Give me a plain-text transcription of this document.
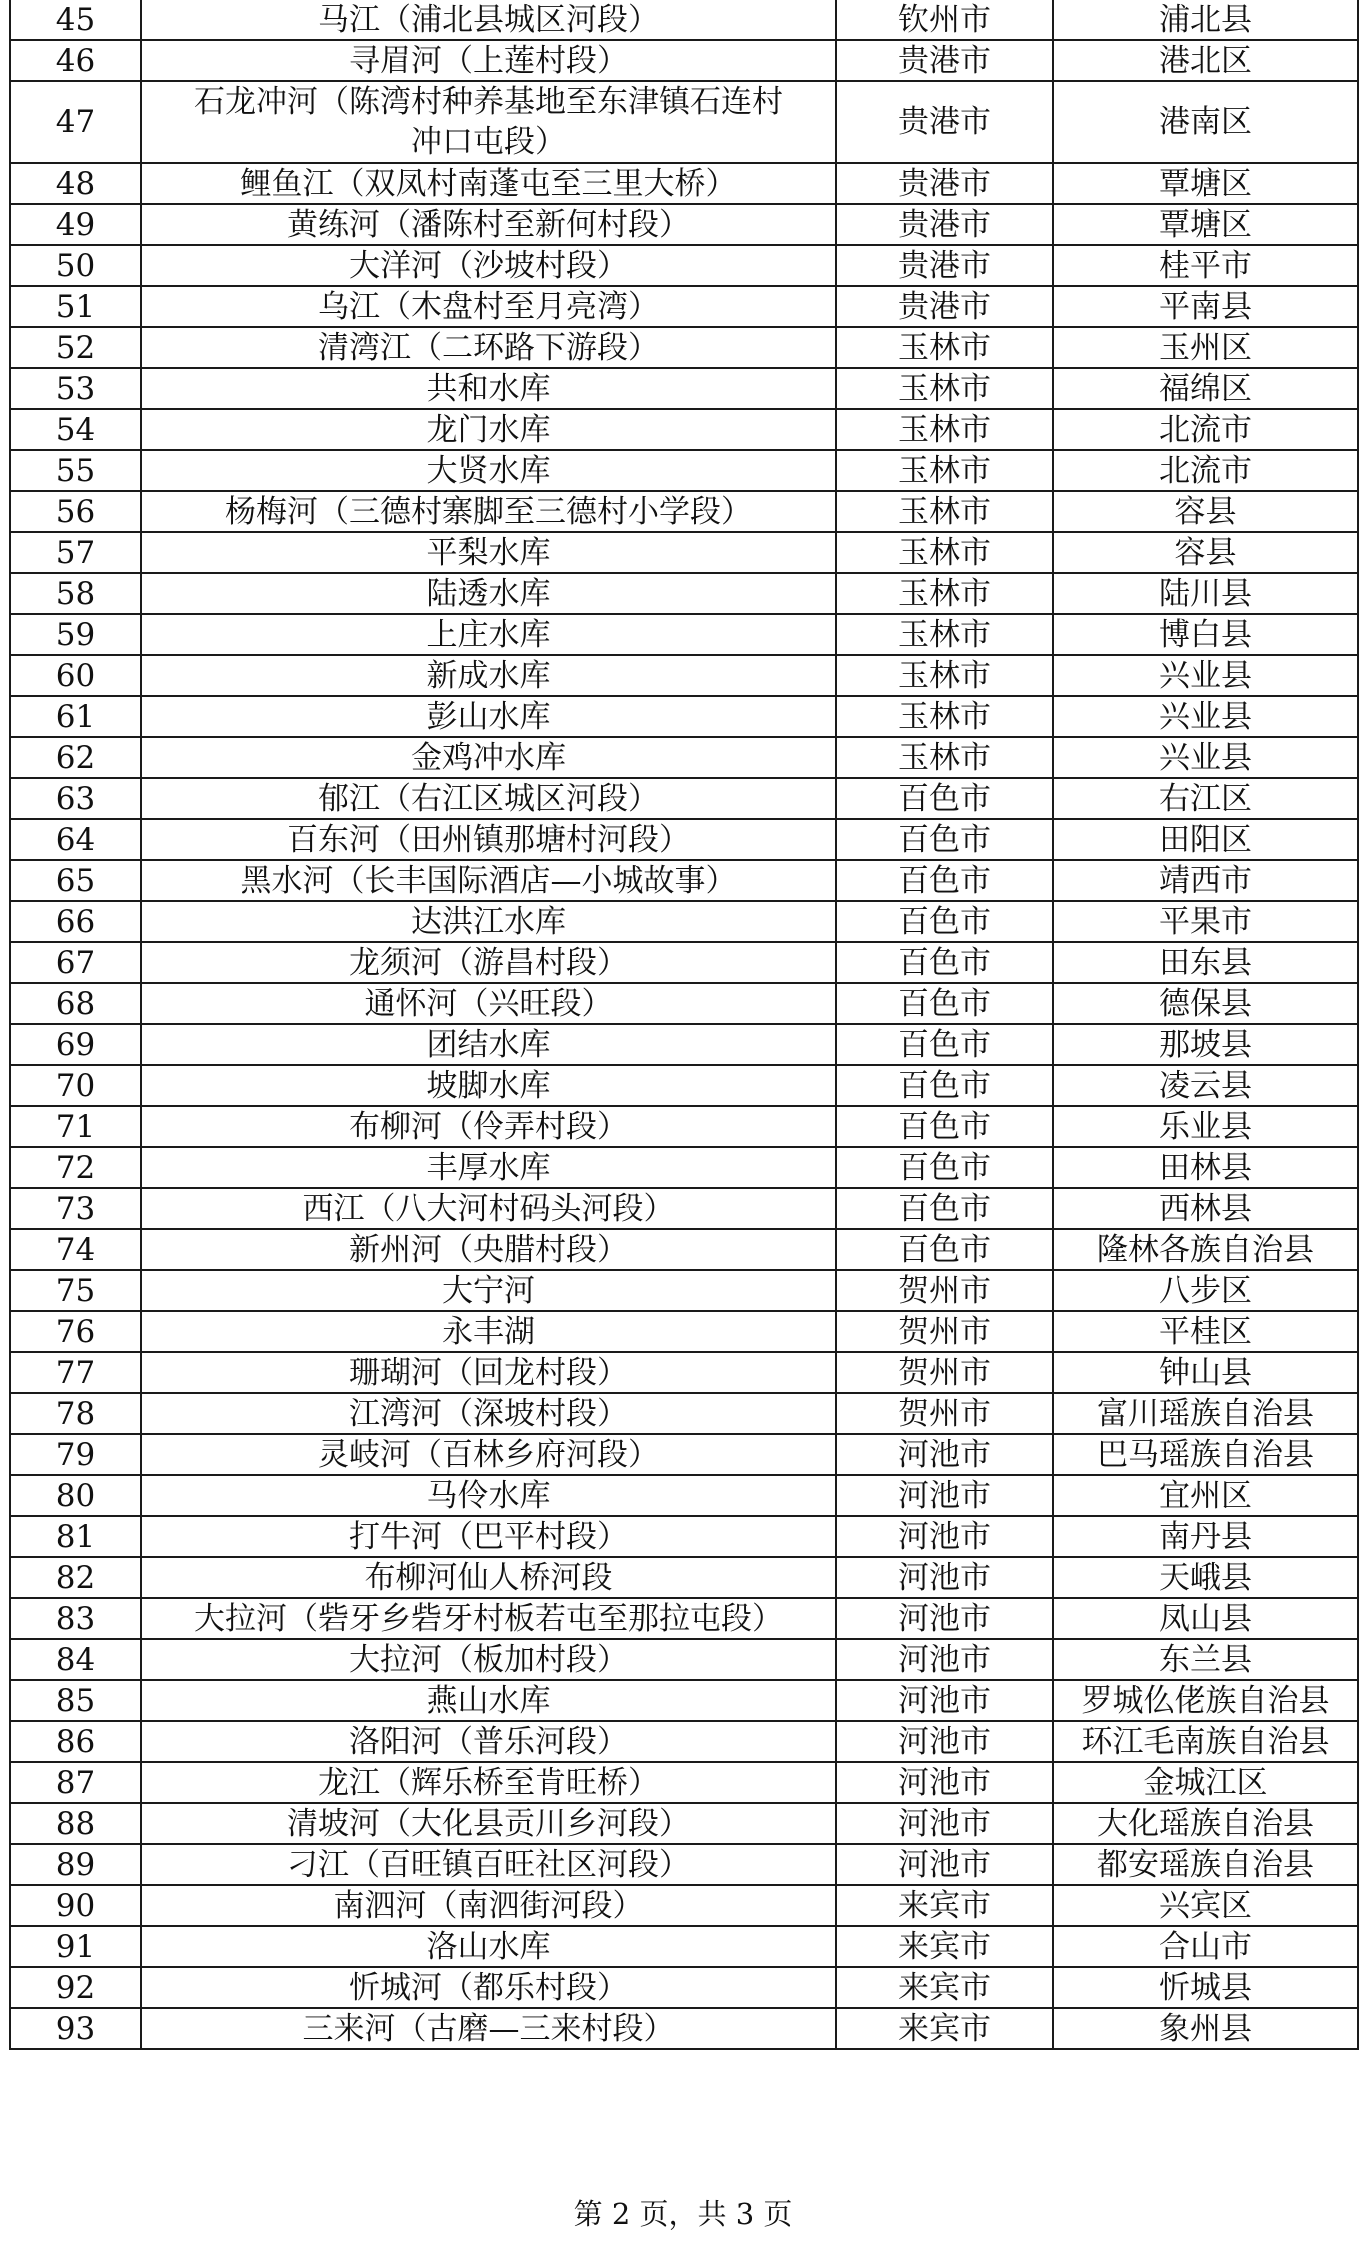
45	马江（浦北县城区河段）	钦州市	浦北县
46	寻眉河（上莲村段）	贵港市	港北区
47	石龙冲河（陈湾村种养基地至东津镇石连村冲口屯段）	贵港市	港南区
48	鲤鱼江（双凤村南蓬屯至三里大桥）	贵港市	覃塘区
49	黄练河（潘陈村至新何村段）	贵港市	覃塘区
50	大洋河（沙坡村段）	贵港市	桂平市
51	乌江（木盘村至月亮湾）	贵港市	平南县
52	清湾江（二环路下游段）	玉林市	玉州区
53	共和水库	玉林市	福绵区
54	龙门水库	玉林市	北流市
55	大贤水库	玉林市	北流市
56	杨梅河（三德村寨脚至三德村小学段）	玉林市	容县
57	平梨水库	玉林市	容县
58	陆透水库	玉林市	陆川县
59	上庄水库	玉林市	博白县
60	新成水库	玉林市	兴业县
61	彭山水库	玉林市	兴业县
62	金鸡冲水库	玉林市	兴业县
63	郁江（右江区城区河段）	百色市	右江区
64	百东河（田州镇那塘村河段）	百色市	田阳区
65	黑水河（长丰国际酒店—小城故事）	百色市	靖西市
66	达洪江水库	百色市	平果市
67	龙须河（游昌村段）	百色市	田东县
68	通怀河（兴旺段）	百色市	德保县
69	团结水库	百色市	那坡县
70	坡脚水库	百色市	凌云县
71	布柳河（伶弄村段）	百色市	乐业县
72	丰厚水库	百色市	田林县
73	西江（八大河村码头河段）	百色市	西林县
74	新州河（央腊村段）	百色市	隆林各族自治县
75	大宁河	贺州市	八步区
76	永丰湖	贺州市	平桂区
77	珊瑚河（回龙村段）	贺州市	钟山县
78	江湾河（深坡村段）	贺州市	富川瑶族自治县
79	灵岐河（百林乡府河段）	河池市	巴马瑶族自治县
80	马伶水库	河池市	宜州区
81	打牛河（巴平村段）	河池市	南丹县
82	布柳河仙人桥河段	河池市	天峨县
83	大拉河（砦牙乡砦牙村板若屯至那拉屯段）	河池市	凤山县
84	大拉河（板加村段）	河池市	东兰县
85	燕山水库	河池市	罗城仫佬族自治县
86	洛阳河（普乐河段）	河池市	环江毛南族自治县
87	龙江（辉乐桥至肯旺桥）	河池市	金城江区
88	清坡河（大化县贡川乡河段）	河池市	大化瑶族自治县
89	刁江（百旺镇百旺社区河段）	河池市	都安瑶族自治县
90	南泗河（南泗街河段）	来宾市	兴宾区
91	洛山水库	来宾市	合山市
92	忻城河（都乐村段）	来宾市	忻城县
93	三来河（古磨—三来村段）	来宾市	象州县
第 2 页，共 3 页
